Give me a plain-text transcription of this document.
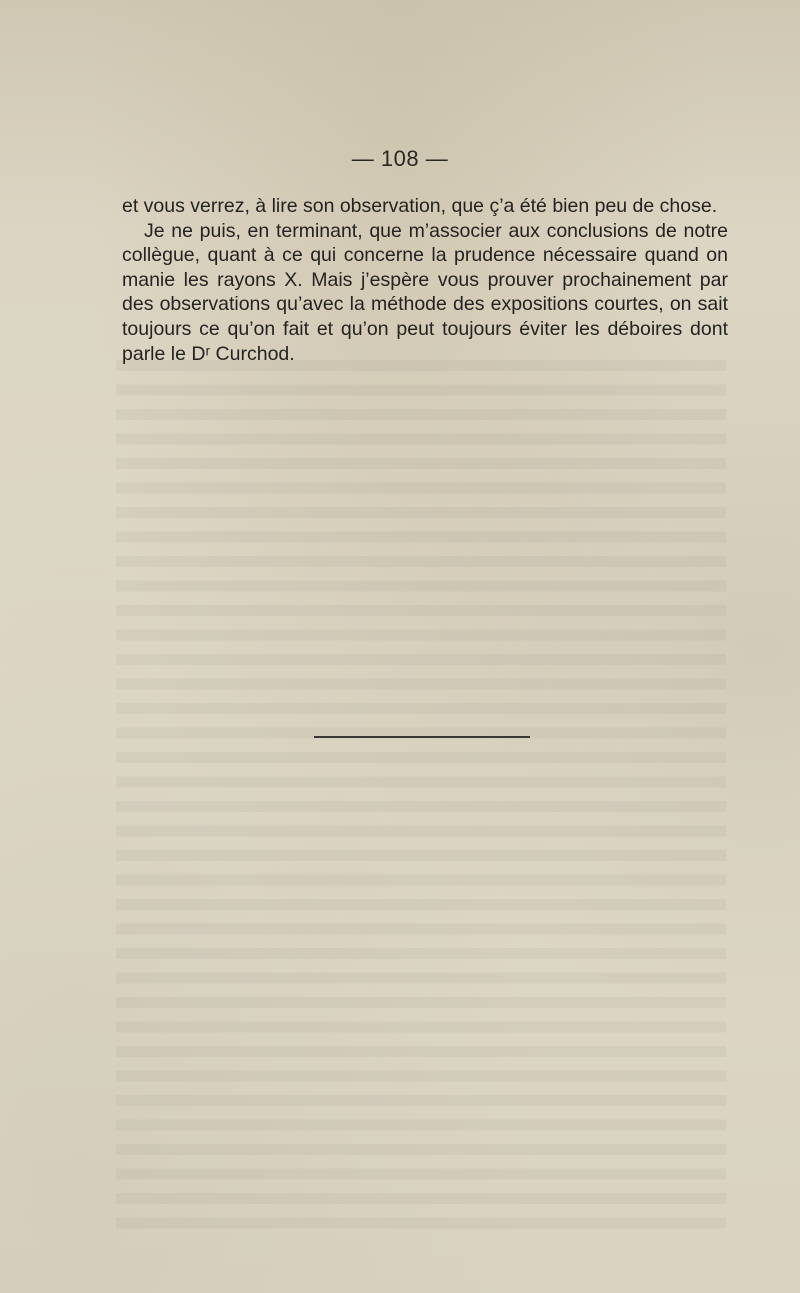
— 108 —

et vous verrez, à lire son observation, que ç’a été bien peu de chose.

Je ne puis, en terminant, que m’associer aux conclusions de notre collègue, quant à ce qui concerne la prudence nécessaire quand on manie les rayons X. Mais j’espère vous prouver prochainement par des observations qu’avec la méthode des expositions courtes, on sait toujours ce qu’on fait et qu’on peut toujours éviter les déboires dont parle le Dʳ Curchod.
